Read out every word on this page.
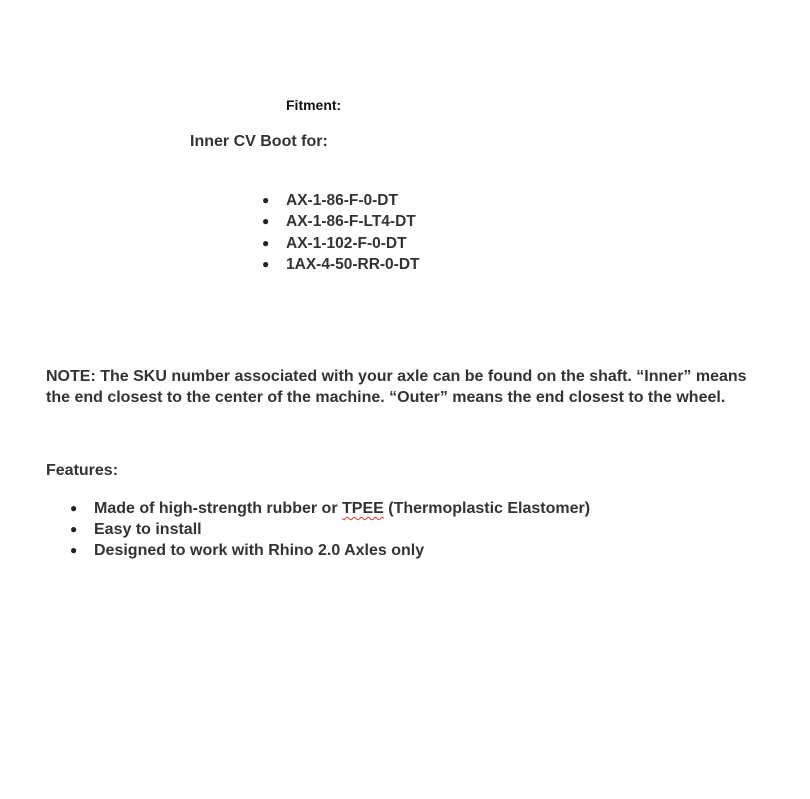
Fitment:
Inner CV Boot for:
●	AX-1-86-F-0-DT
●	AX-1-86-F-LT4-DT
●	AX-1-102-F-0-DT
●	1AX-4-50-RR-0-DT
NOTE: The SKU number associated with your axle can be found on the shaft. “Inner” means
the end closest to the center of the machine. “Outer” means the end closest to the wheel.
Features:
●	Made of high-strength rubber or TPEE (Thermoplastic Elastomer)
●	Easy to install
●	Designed to work with Rhino 2.0 Axles only
